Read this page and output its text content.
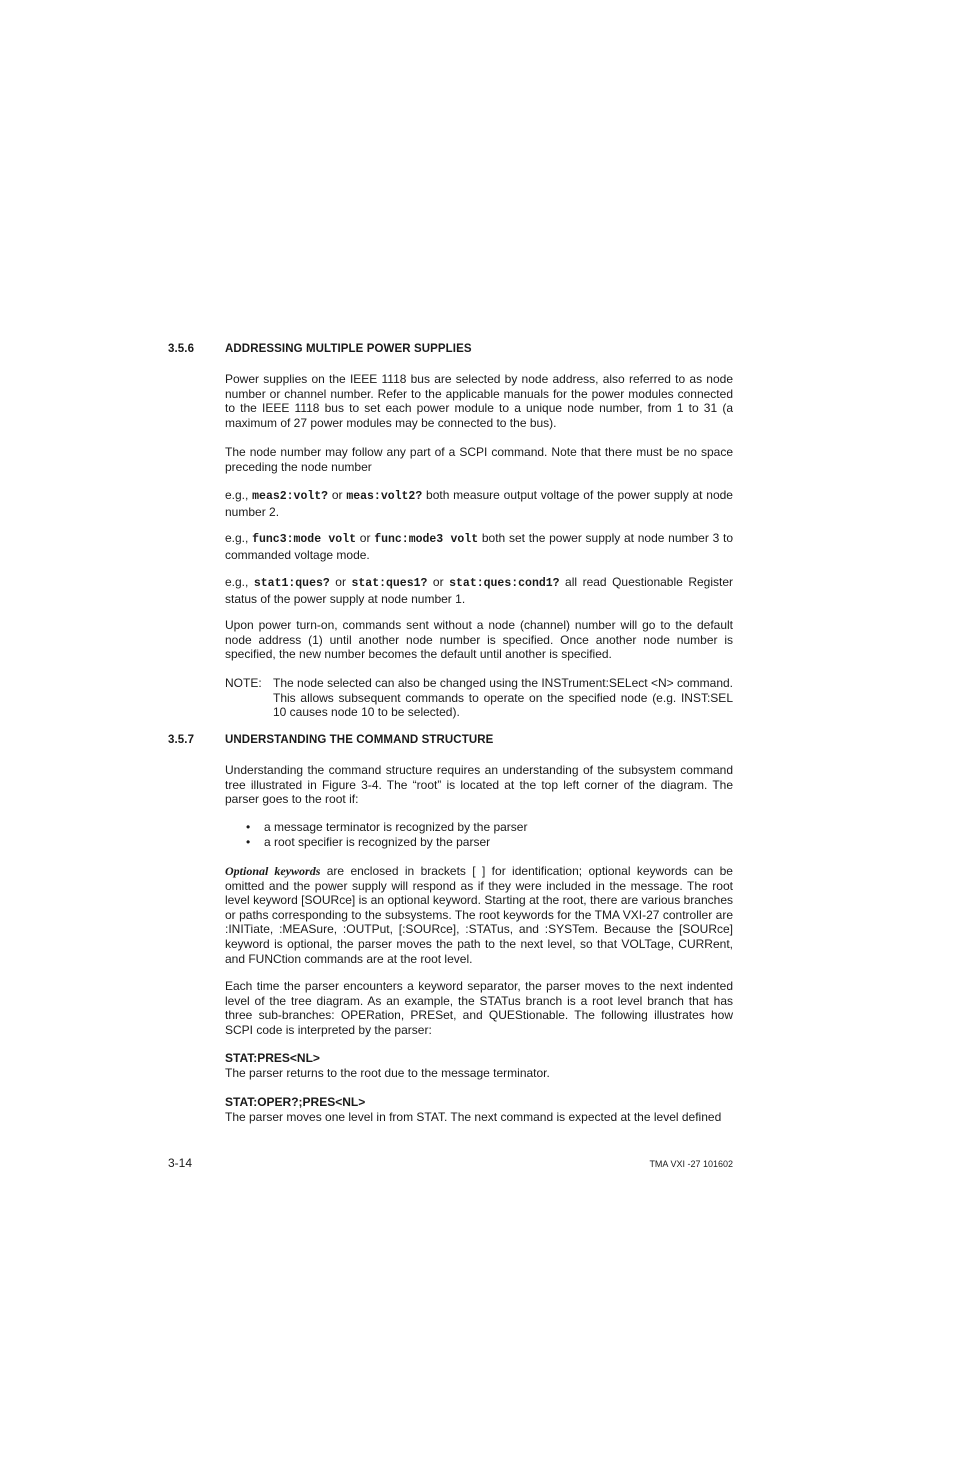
3.5.6	ADDRESSING MULTIPLE POWER SUPPLIES

Power supplies on the IEEE 1118 bus are selected by node address, also referred to as node number or channel number. Refer to the applicable manuals for the power modules connected to the IEEE 1118 bus to set each power module to a unique node number, from 1 to 31 (a maximum of 27 power modules may be connected to the bus).

The node number may follow any part of a SCPI command. Note that there must be no space preceding the node number

e.g., meas2:volt? or meas:volt2? both measure output voltage of the power supply at node number 2.

e.g., func3:mode volt or func:mode3 volt both set the power supply at node number 3 to commanded voltage mode.

e.g., stat1:ques? or stat:ques1? or stat:ques:cond1? all read Questionable Register status of the power supply at node number 1.

Upon power turn-on, commands sent without a node (channel) number will go to the default node address (1) until another node number is specified. Once another node number is specified, the new number becomes the default until another is specified.

NOTE: The node selected can also be changed using the INSTrument:SELect <N> command. This allows subsequent commands to operate on the specified node (e.g. INST:SEL 10 causes node 10 to be selected).
3.5.7	UNDERSTANDING THE COMMAND STRUCTURE

Understanding the command structure requires an understanding of the subsystem command tree illustrated in Figure 3-4. The “root” is located at the top left corner of the diagram. The parser goes to the root if:

• a message terminator is recognized by the parser
• a root specifier is recognized by the parser

Optional keywords are enclosed in brackets [ ] for identification; optional keywords can be omitted and the power supply will respond as if they were included in the message. The root level keyword [SOURce] is an optional keyword. Starting at the root, there are various branches or paths corresponding to the subsystems. The root keywords for the TMA VXI-27 controller are :INITiate, :MEASure, :OUTPut, [:SOURce], :STATus, and :SYSTem. Because the [SOURce] keyword is optional, the parser moves the path to the next level, so that VOLTage, CURRent, and FUNCtion commands are at the root level.

Each time the parser encounters a keyword separator, the parser moves to the next indented level of the tree diagram. As an example, the STATus branch is a root level branch that has three sub-branches: OPERation, PRESet, and QUEStionable. The following illustrates how SCPI code is interpreted by the parser:

STAT:PRES<NL>

The parser returns to the root due to the message terminator.

STAT:OPER?;PRES<NL>

The parser moves one level in from STAT. The next command is expected at the level defined

3-14	TMA VXI -27 101602
